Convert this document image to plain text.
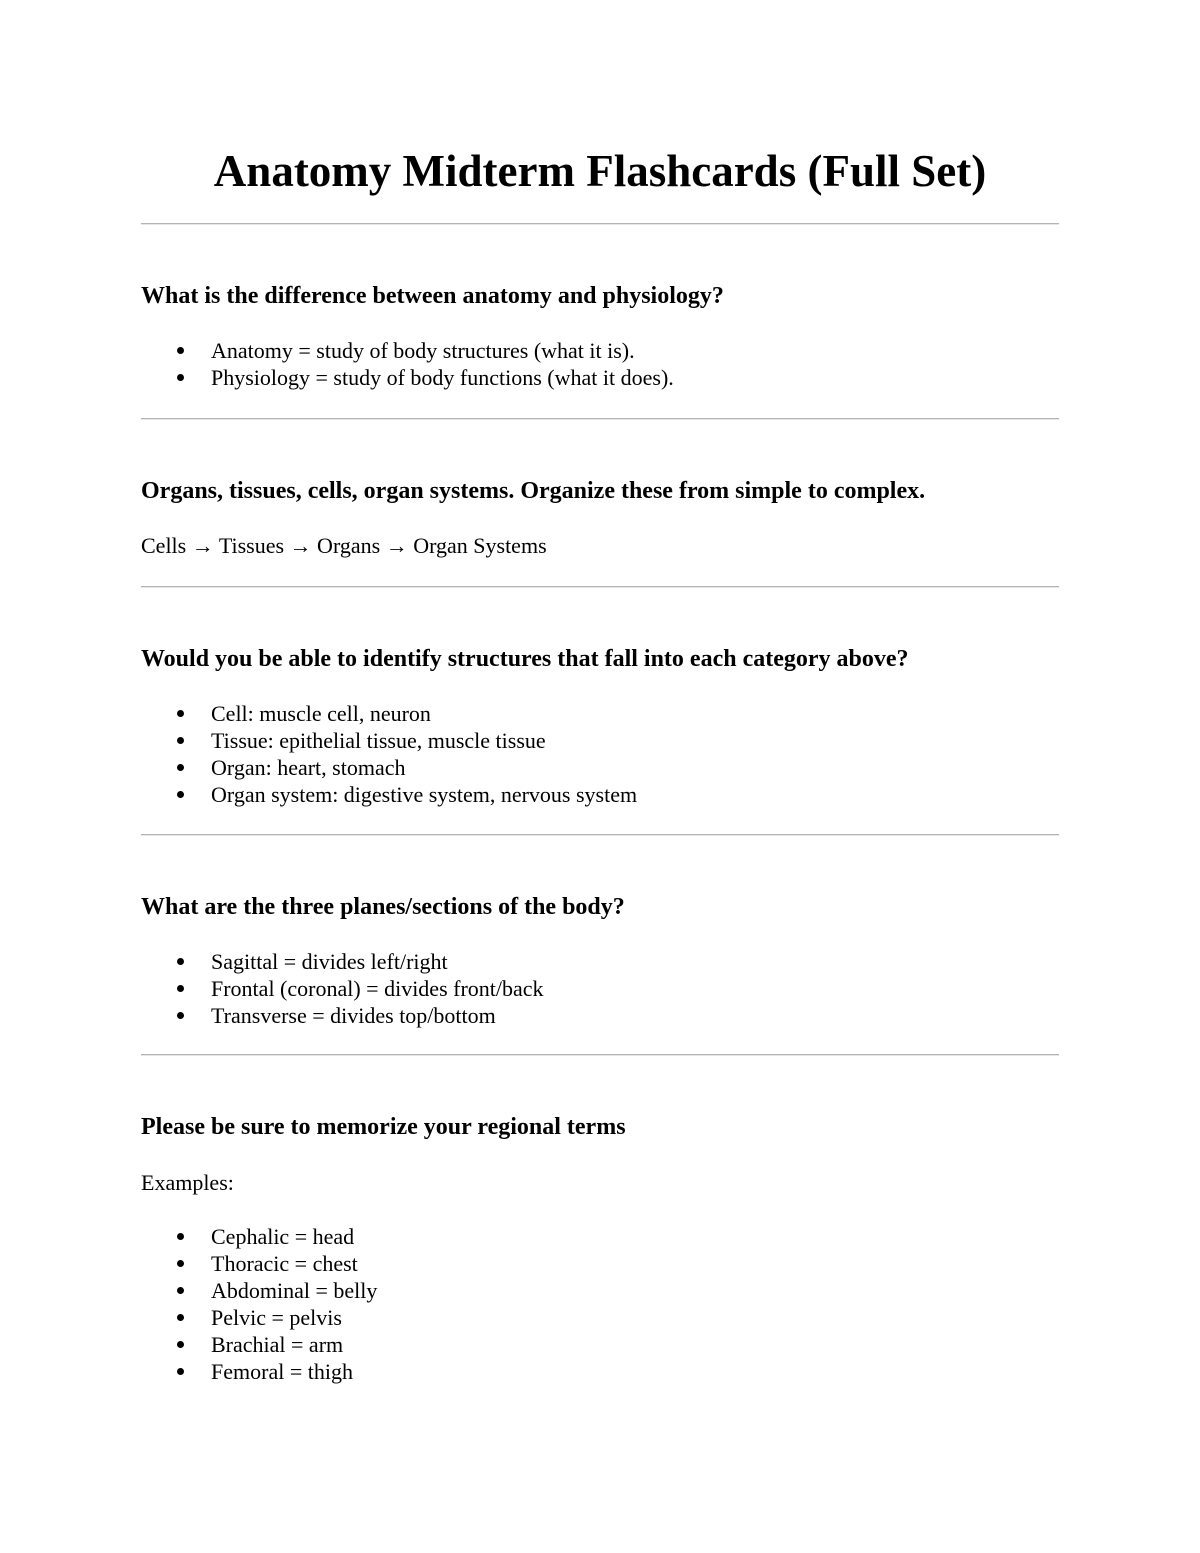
Anatomy Midterm Flashcards (Full Set)

What is the difference between anatomy and physiology?

Anatomy = study of body structures (what it is).
Physiology = study of body functions (what it does).

Organs, tissues, cells, organ systems. Organize these from simple to complex.

Cells → Tissues → Organs → Organ Systems

Would you be able to identify structures that fall into each category above?

Cell: muscle cell, neuron
Tissue: epithelial tissue, muscle tissue
Organ: heart, stomach
Organ system: digestive system, nervous system

What are the three planes/sections of the body?

Sagittal = divides left/right
Frontal (coronal) = divides front/back
Transverse = divides top/bottom

Please be sure to memorize your regional terms

Examples:

Cephalic = head
Thoracic = chest
Abdominal = belly
Pelvic = pelvis
Brachial = arm
Femoral = thigh
